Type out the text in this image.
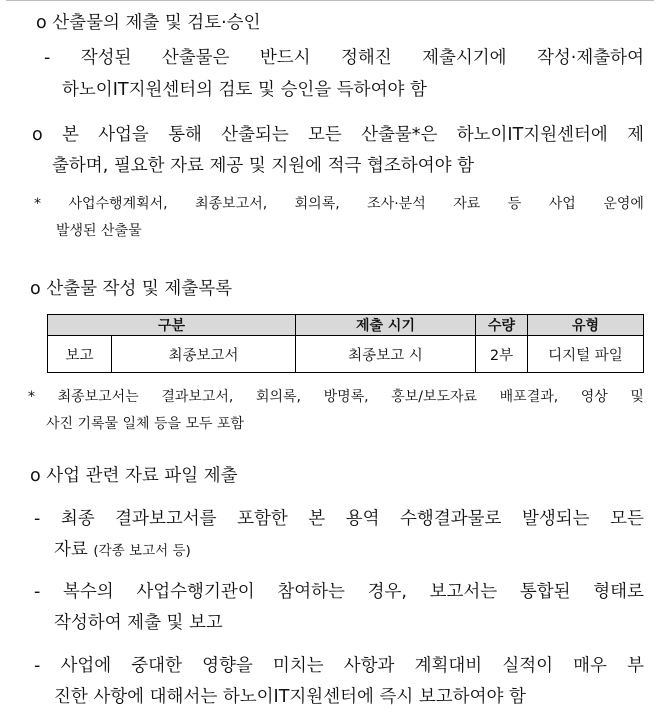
o 산출물의 제출 및 검토·승인
- 작성된 산출물은 반드시 정해진 제출시기에 작성·제출하여
하노이IT지원센터의 검토 및 승인을 득하여야 함
o 본 사업을 통해 산출되는 모든 산출물*은 하노이IT지원센터에 제
출하며, 필요한 자료 제공 및 지원에 적극 협조하여야 함
* 사업수행계획서, 최종보고서, 회의록, 조사·분석 자료 등 사업 운영에
발생된 산출물
o 산출물 작성 및 제출목록
구분		제출 시기	수량	유형
보고	최종보고서	최종보고 시	2부	디지털 파일
* 최종보고서는 결과보고서, 회의록, 방명록, 홍보/보도자료 배포결과, 영상 및
사진 기록물 일체 등을 모두 포함
o 사업 관련 자료 파일 제출
- 최종 결과보고서를 포함한 본 용역 수행결과물로 발생되는 모든
자료 (각종 보고서 등)
- 복수의 사업수행기관이 참여하는 경우, 보고서는 통합된 형태로
작성하여 제출 및 보고
- 사업에 중대한 영향을 미치는 사항과 계획대비 실적이 매우 부
진한 사항에 대해서는 하노이IT지원센터에 즉시 보고하여야 함
